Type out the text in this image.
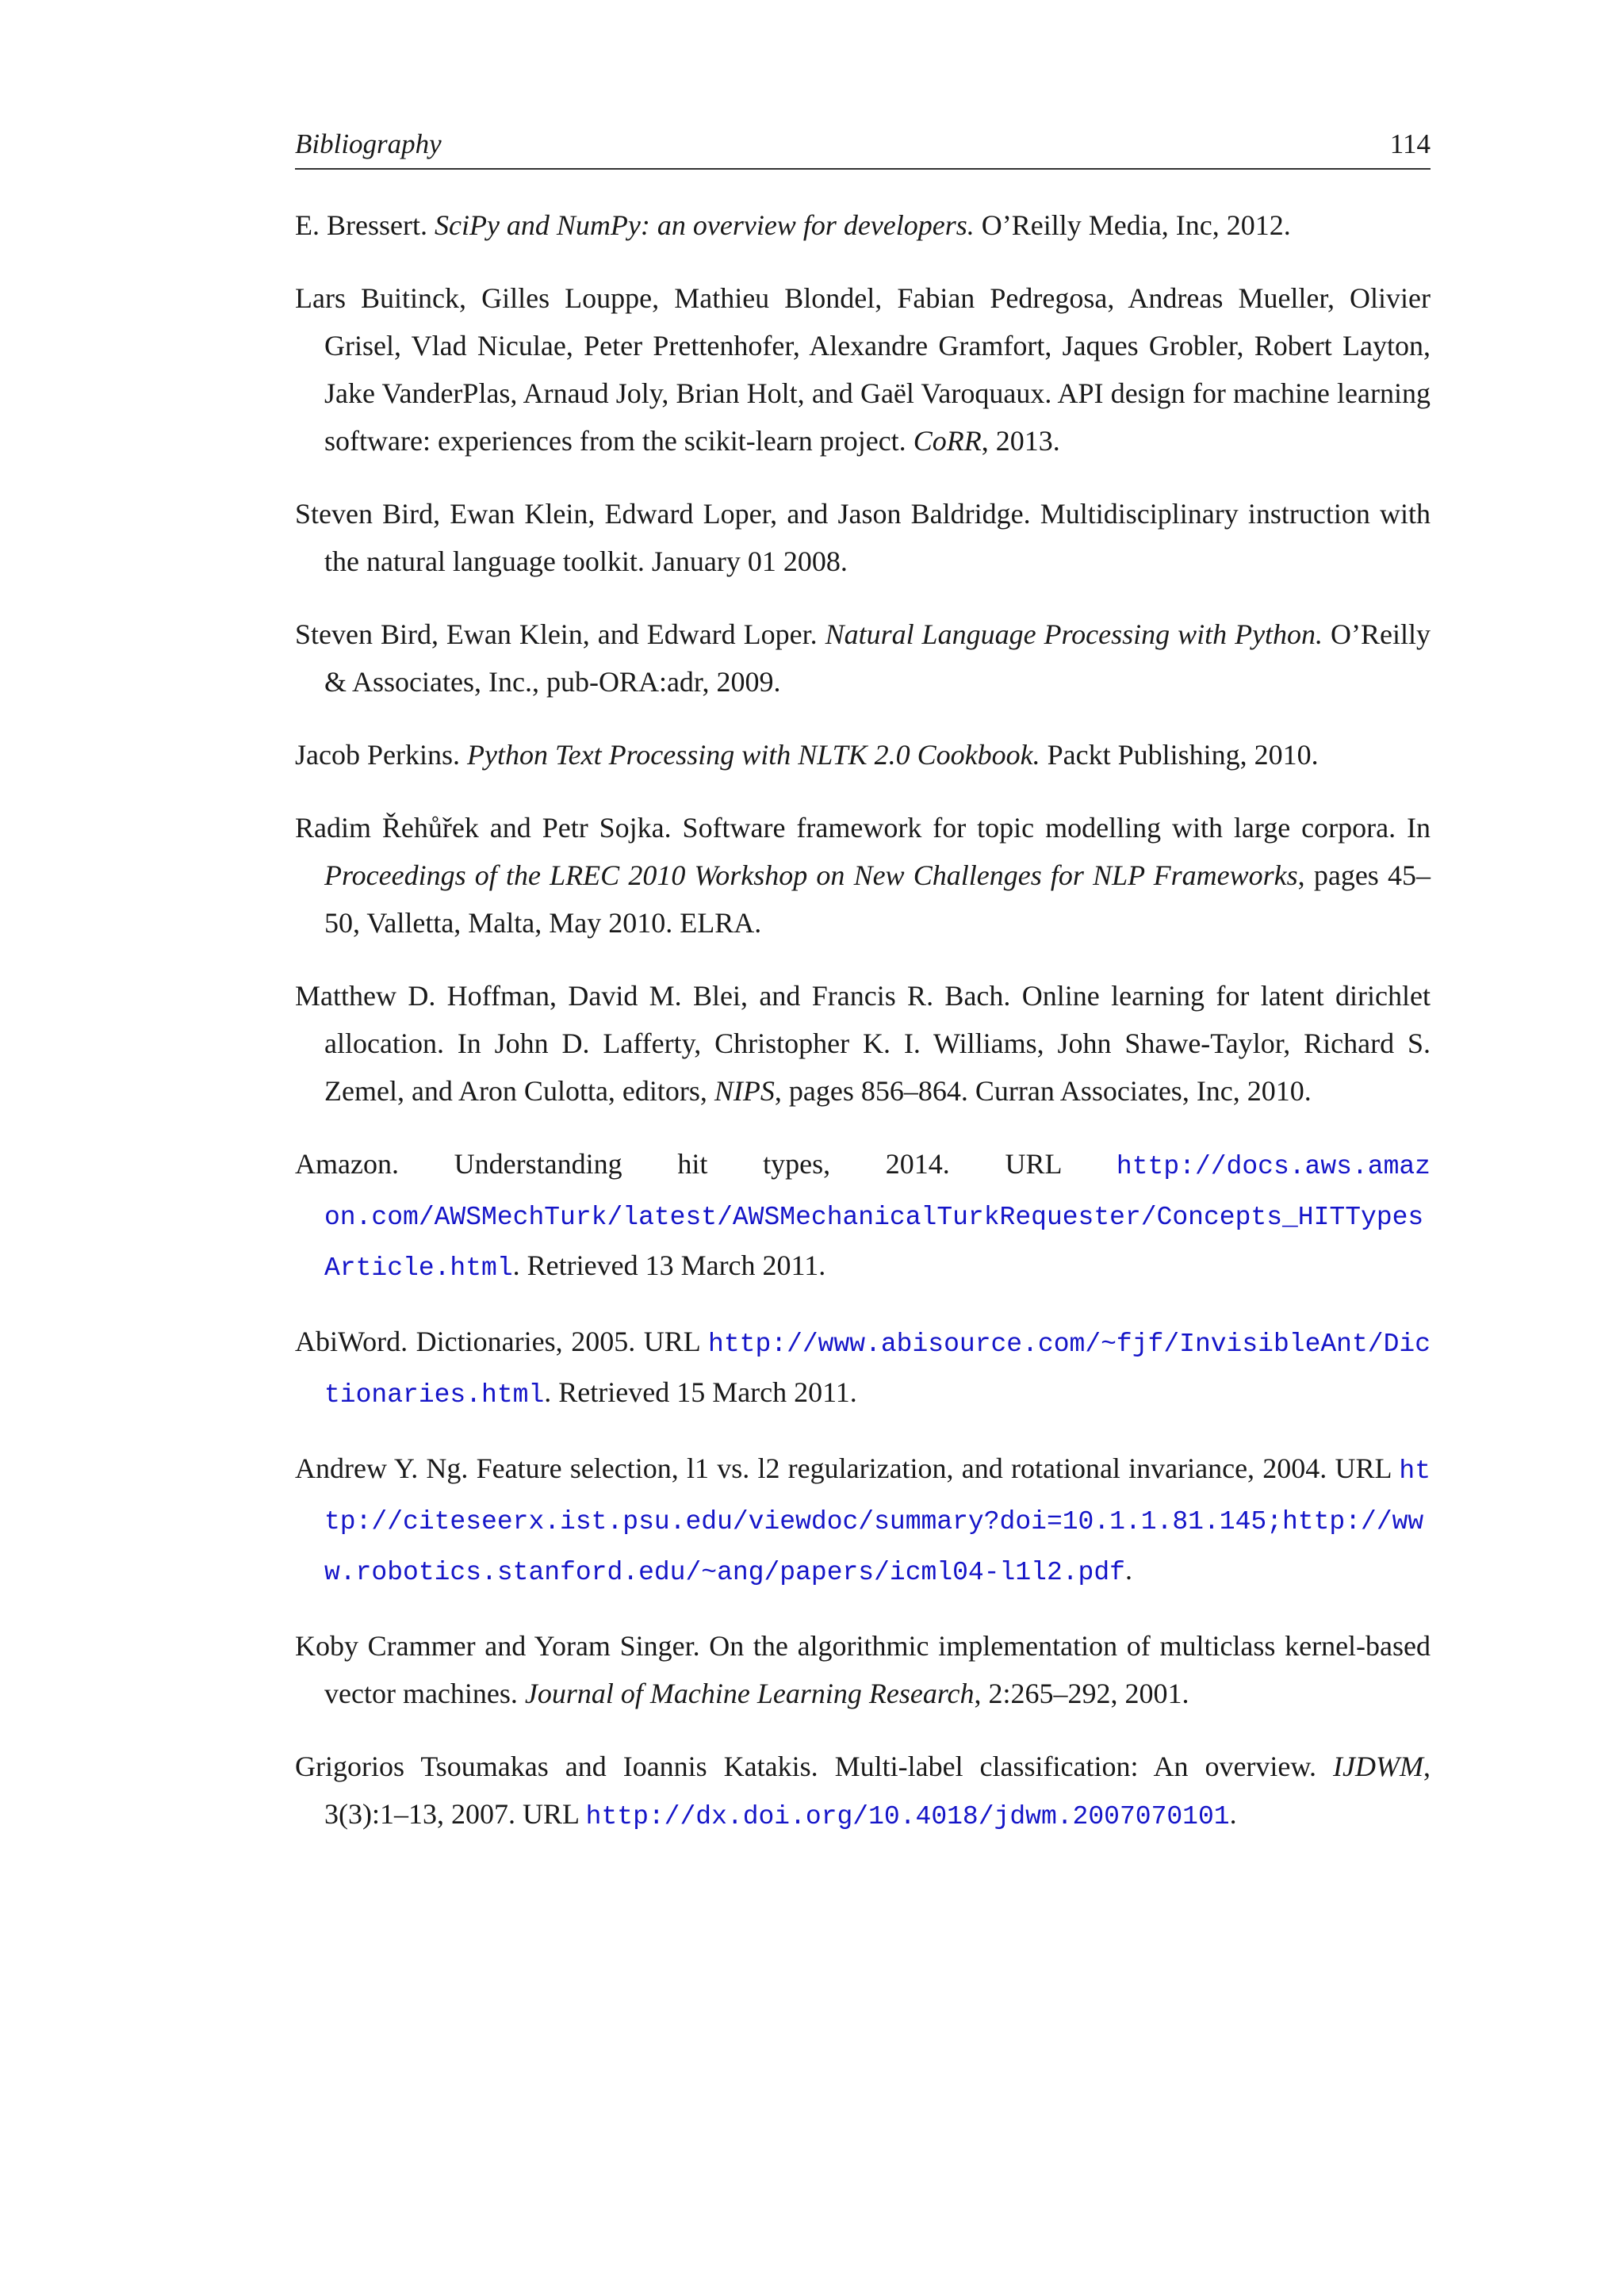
Bibliography	114

E. Bressert. SciPy and NumPy: an overview for developers. O’Reilly Media, Inc, 2012.

Lars Buitinck, Gilles Louppe, Mathieu Blondel, Fabian Pedregosa, Andreas Mueller, Olivier Grisel, Vlad Niculae, Peter Prettenhofer, Alexandre Gramfort, Jaques Grobler, Robert Layton, Jake VanderPlas, Arnaud Joly, Brian Holt, and Gaël Varoquaux. API design for machine learning software: experiences from the scikit-learn project. CoRR, 2013.

Steven Bird, Ewan Klein, Edward Loper, and Jason Baldridge. Multidisciplinary instruction with the natural language toolkit. January 01 2008.

Steven Bird, Ewan Klein, and Edward Loper. Natural Language Processing with Python. O’Reilly & Associates, Inc., pub-ORA:adr, 2009.

Jacob Perkins. Python Text Processing with NLTK 2.0 Cookbook. Packt Publishing, 2010.

Radim Řehůřek and Petr Sojka. Software framework for topic modelling with large corpora. In Proceedings of the LREC 2010 Workshop on New Challenges for NLP Frameworks, pages 45–50, Valletta, Malta, May 2010. ELRA.

Matthew D. Hoffman, David M. Blei, and Francis R. Bach. Online learning for latent dirichlet allocation. In John D. Lafferty, Christopher K. I. Williams, John Shawe-Taylor, Richard S. Zemel, and Aron Culotta, editors, NIPS, pages 856–864. Curran Associates, Inc, 2010.

Amazon. Understanding hit types, 2014. URL http://docs.aws.amazon.com/AWSMechTurk/latest/AWSMechanicalTurkRequester/Concepts_HITTypesArticle.html. Retrieved 13 March 2011.

AbiWord. Dictionaries, 2005. URL http://www.abisource.com/~fjf/InvisibleAnt/Dictionaries.html. Retrieved 15 March 2011.

Andrew Y. Ng. Feature selection, l1 vs. l2 regularization, and rotational invariance, 2004. URL http://citeseerx.ist.psu.edu/viewdoc/summary?doi=10.1.1.81.145;http://www.robotics.stanford.edu/~ang/papers/icml04-l1l2.pdf.

Koby Crammer and Yoram Singer. On the algorithmic implementation of multiclass kernel-based vector machines. Journal of Machine Learning Research, 2:265–292, 2001.

Grigorios Tsoumakas and Ioannis Katakis. Multi-label classification: An overview. IJDWM, 3(3):1–13, 2007. URL http://dx.doi.org/10.4018/jdwm.2007070101.
